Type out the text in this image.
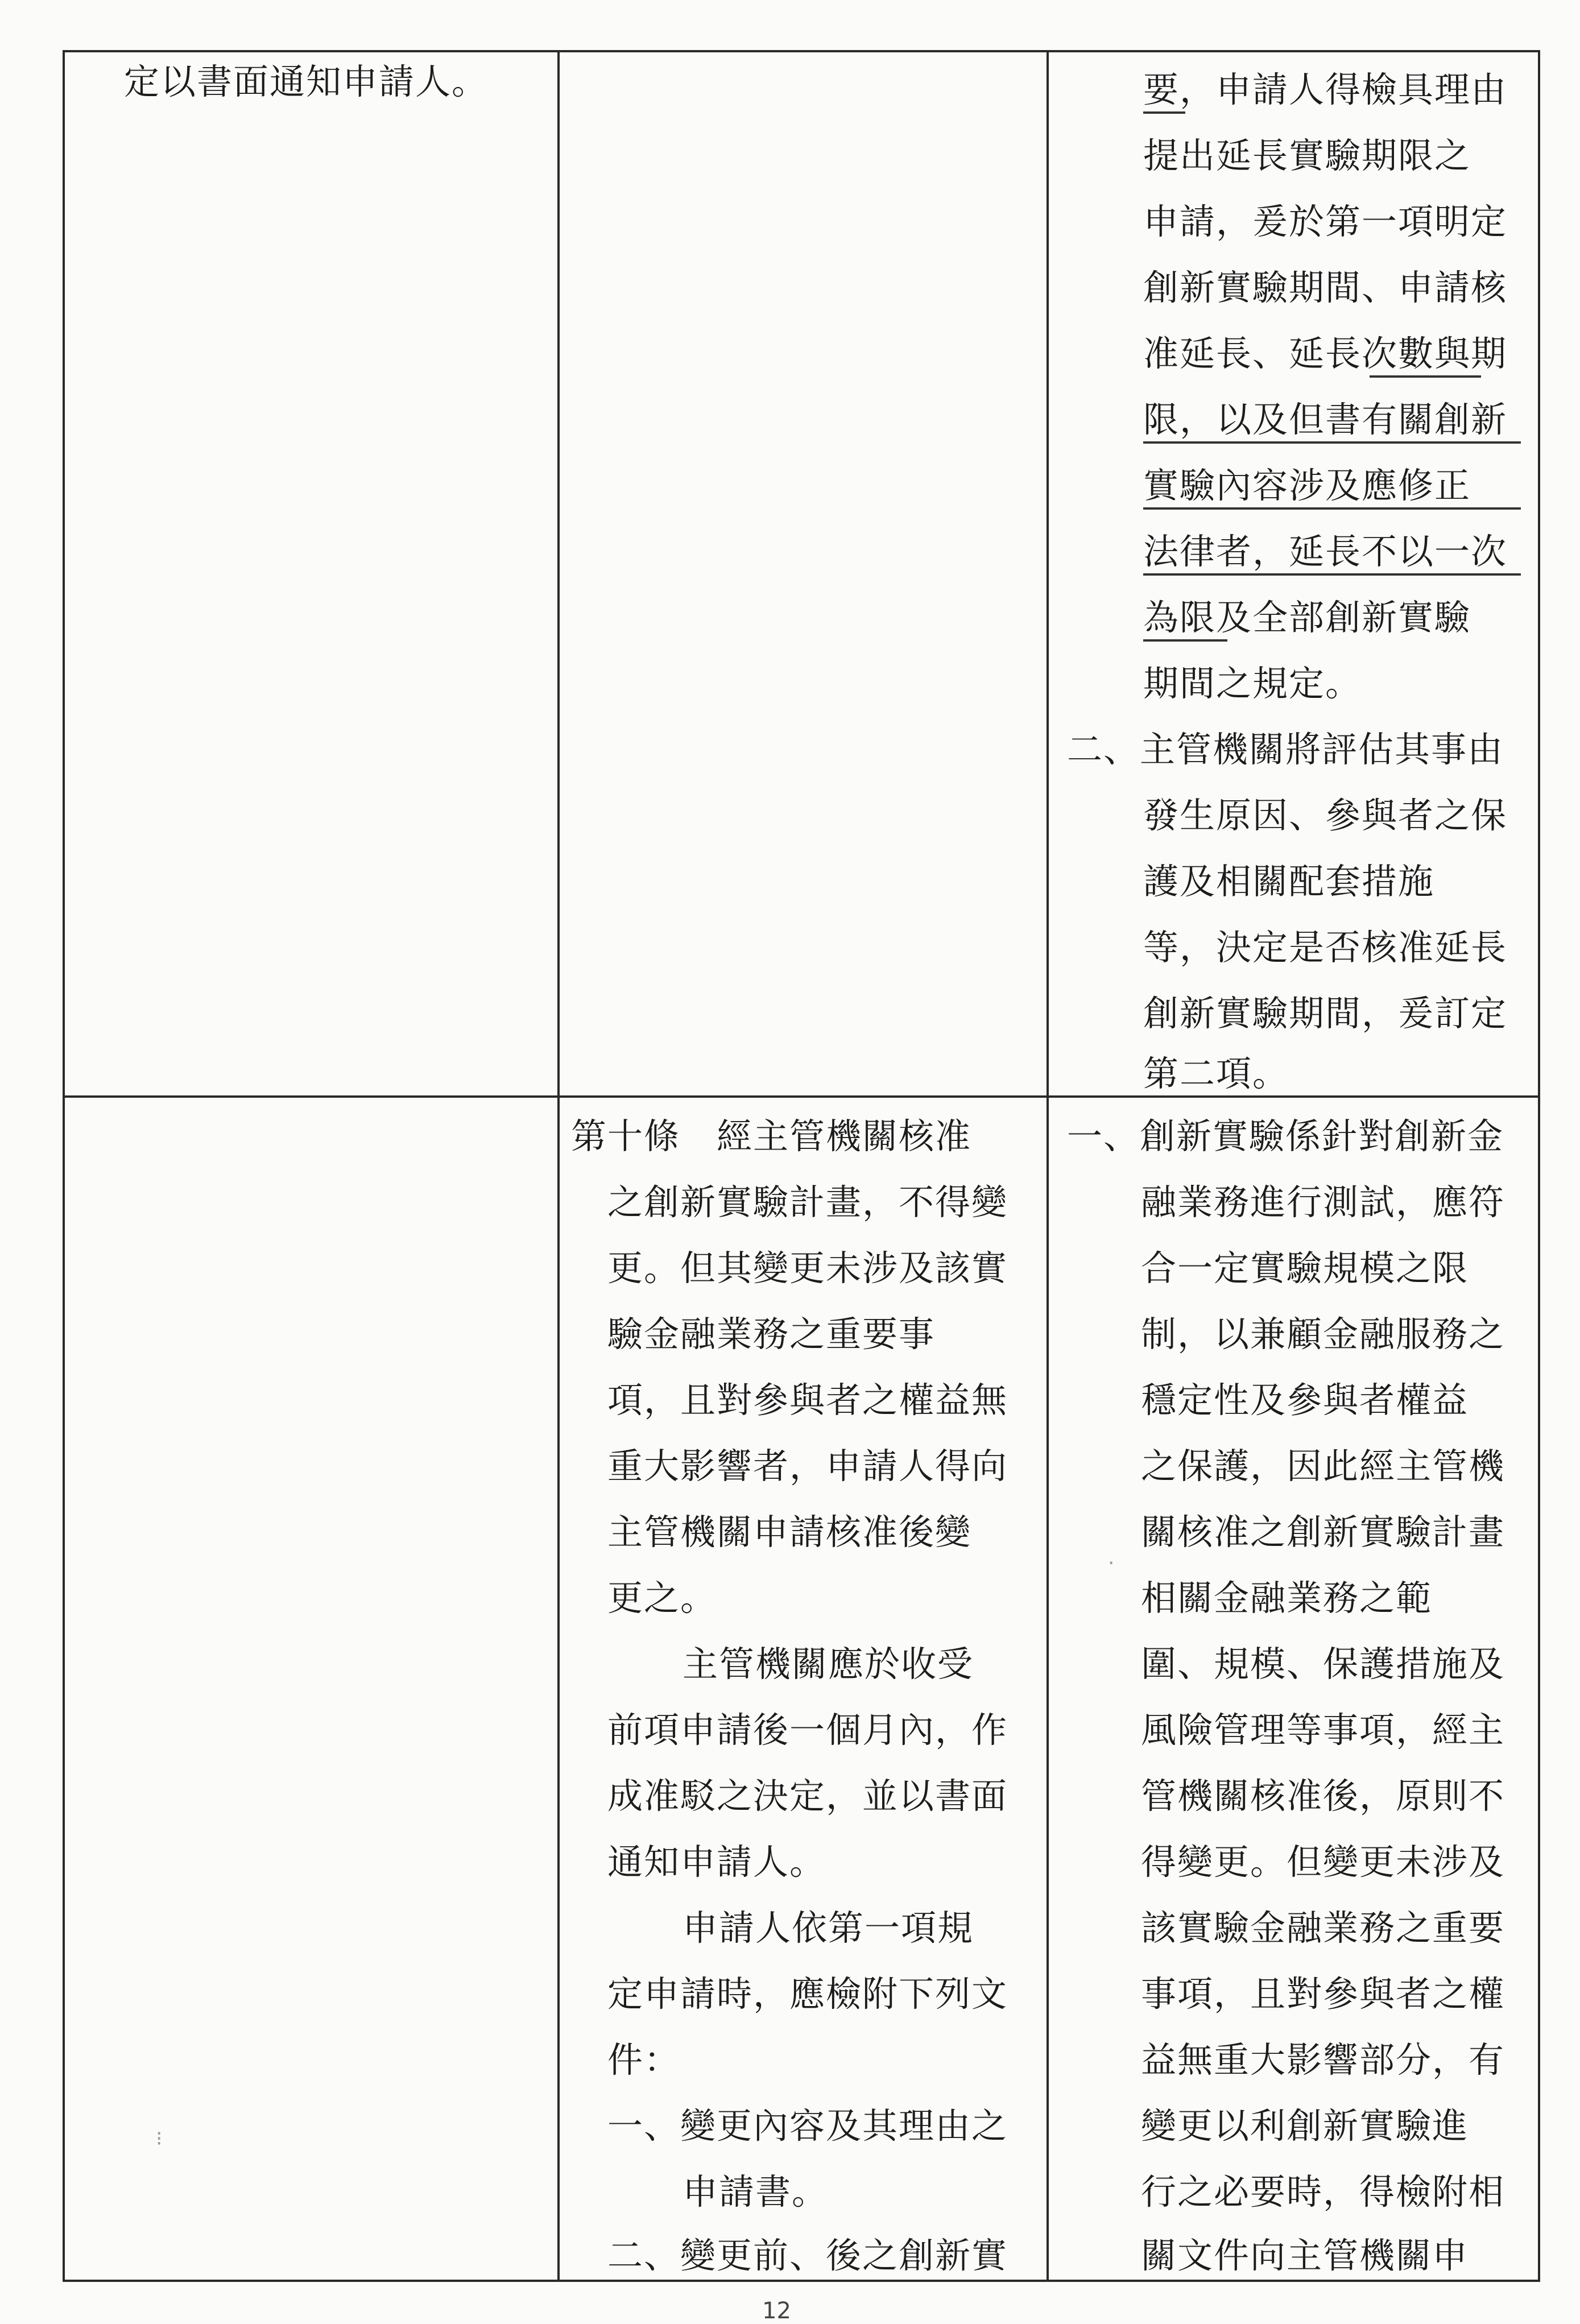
定以書面通知申請人。	要，申請人得檢具理由
提出延長實驗期限之
申請，爰於第一項明定
創新實驗期間、申請核
准延長、延長次數與期
限，以及但書有關創新
實驗內容涉及應修正
法律者，延長不以一次
為限及全部創新實驗
期間之規定。
二、主管機關將評估其事由
發生原因、參與者之保
護及相關配套措施
等，決定是否核准延長
創新實驗期間，爰訂定
第二項。
第十條　經主管機關核准
之創新實驗計畫，不得變
更。但其變更未涉及該實
驗金融業務之重要事
項，且對參與者之權益無
重大影響者，申請人得向
主管機關申請核准後變
更之。
主管機關應於收受
前項申請後一個月內，作
成准駁之決定，並以書面
通知申請人。
申請人依第一項規
定申請時，應檢附下列文
件：
一、變更內容及其理由之
申請書。
二、變更前、後之創新實
一、創新實驗係針對創新金
融業務進行測試，應符
合一定實驗規模之限
制，以兼顧金融服務之
穩定性及參與者權益
之保護，因此經主管機
關核准之創新實驗計畫
相關金融業務之範
圍、規模、保護措施及
風險管理等事項，經主
管機關核准後，原則不
得變更。但變更未涉及
該實驗金融業務之重要
事項，且對參與者之權
益無重大影響部分，有
變更以利創新實驗進
行之必要時，得檢附相
關文件向主管機關申
⁝
·
12
